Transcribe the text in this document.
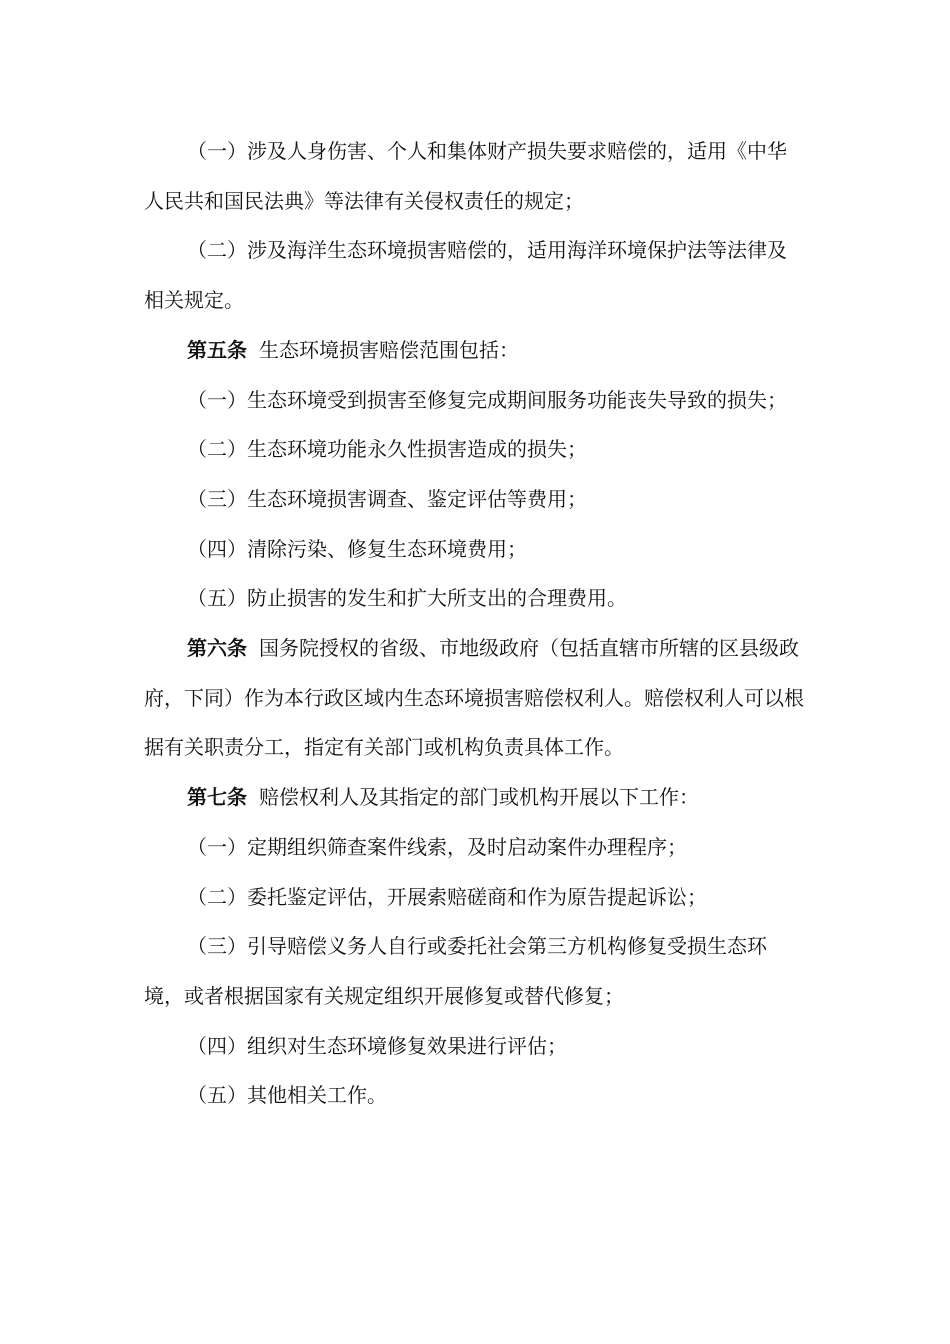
（一）涉及人身伤害、个人和集体财产损失要求赔偿的，适用《中华人民共和国民法典》等法律有关侵权责任的规定；

（二）涉及海洋生态环境损害赔偿的，适用海洋环境保护法等法律及相关规定。

第五条 生态环境损害赔偿范围包括：

（一）生态环境受到损害至修复完成期间服务功能丧失导致的损失；

（二）生态环境功能永久性损害造成的损失；

（三）生态环境损害调查、鉴定评估等费用；

（四）清除污染、修复生态环境费用；

（五）防止损害的发生和扩大所支出的合理费用。

第六条 国务院授权的省级、市地级政府（包括直辖市所辖的区县级政府，下同）作为本行政区域内生态环境损害赔偿权利人。赔偿权利人可以根据有关职责分工，指定有关部门或机构负责具体工作。

第七条 赔偿权利人及其指定的部门或机构开展以下工作：

（一）定期组织筛查案件线索，及时启动案件办理程序；

（二）委托鉴定评估，开展索赔磋商和作为原告提起诉讼；

（三）引导赔偿义务人自行或委托社会第三方机构修复受损生态环境，或者根据国家有关规定组织开展修复或替代修复；

（四）组织对生态环境修复效果进行评估；

（五）其他相关工作。
